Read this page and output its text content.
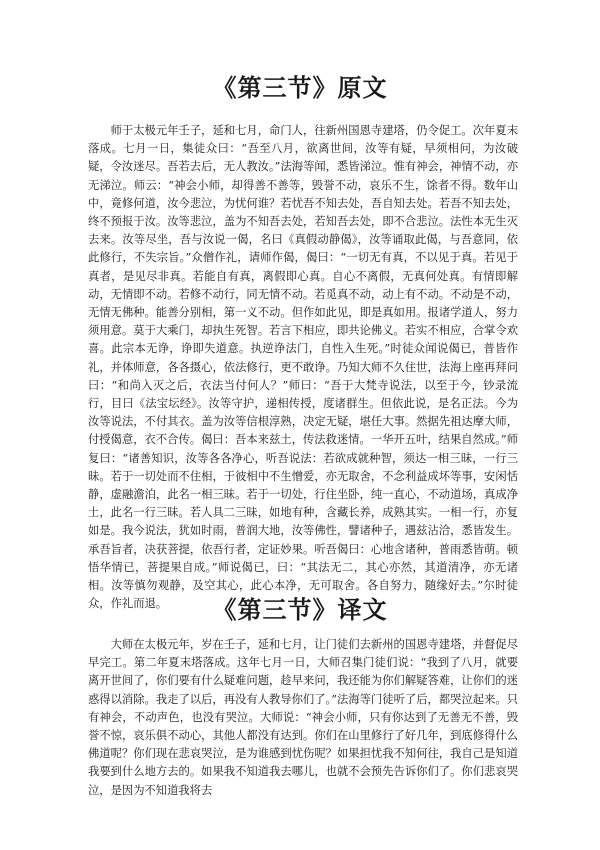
《第三节》原文

师于太极元年壬子，延和七月，命门人，往新州国恩寺建塔，仍令促工。次年夏末落成。七月一日，集徒众曰：“吾至八月，欲离世间，汝等有疑，早须相问，为汝破疑，令汝迷尽。吾若去后，无人教汝。”法海等闻，悉皆涕泣。惟有神会，神情不动，亦无涕泣。师云：“神会小师，却得善不善等，毁誉不动，哀乐不生，馀者不得。数年山中，竟修何道，汝今悲泣，为忧何谁？若忧吾不知去处，吾自知去处。若吾不知去处，终不预报于汝。汝等悲泣，盖为不知吾去处，若知吾去处，即不合悲泣。法性本无生灭去来。汝等尽坐，吾与汝说一偈，名曰《真假动静偈》，汝等诵取此偈，与吾意同，依此修行，不失宗旨。”众僧作礼，请师作偈，偈曰：“一切无有真，不以见于真。若见于真者，是见尽非真。若能自有真，离假即心真。自心不离假，无真何处真。有情即解动，无情即不动。若修不动行，同无情不动。若觅真不动，动上有不动。不动是不动，无情无佛种。能善分别相，第一义不动。但作如此见，即是真如用。报诸学道人，努力须用意。莫于大乘门，却执生死智。若言下相应，即共论佛义。若实不相应，合掌令欢喜。此宗本无诤，诤即失道意。执逆诤法门，自性入生死。”时徒众闻说偈已，普皆作礼，并体师意，各各摄心，依法修行，更不敢诤。乃知大师不久住世，法海上座再拜问曰：“和尚入灭之后，衣法当付何人？”师曰：“吾于大梵寺说法，以至于今，钞录流行，目曰《法宝坛经》。汝等守护，递相传授，度诸群生。但依此说，是名正法。今为汝等说法，不付其衣。盖为汝等信根淳熟，决定无疑，堪任大事。然据先祖达摩大师，付授偈意，衣不合传。偈曰：吾本来兹土，传法救迷情。一华开五叶，结果自然成。”师复曰：“诸善知识，汝等各各净心，听吾说法：若欲成就种智，须达一相三昧，一行三昧。若于一切处而不住相，于彼相中不生憎爱，亦无取舍，不念利益成坏等事，安闲恬静，虚融澹泊，此名一相三昧。若于一切处，行住坐卧，纯一直心，不动道场，真成净土，此名一行三昧。若人具二三昧，如地有种，含藏长养，成熟其实。一相一行，亦复如是。我今说法，犹如时雨，普润大地，汝等佛性，譬诸种子，遇兹沾洽，悉皆发生。承吾旨者，决获菩提，依吾行者，定证妙果。听吾偈曰：心地含诸种，普雨悉皆萌。顿悟华情已，菩提果自成。”师说偈已，曰：“其法无二，其心亦然，其道清净，亦无诸相。汝等慎勿观静，及空其心，此心本净，无可取舍。各自努力，随缘好去。”尔时徒众，作礼而退。	《第三节》译文

大师在太极元年，岁在壬子，延和七月，让门徒们去新州的国恩寺建塔，并督促尽早完工。第二年夏末塔落成。这年七月一日，大师召集门徒们说：“我到了八月，就要离开世间了，你们要有什么疑难问题，趁早来问，我还能为你们解疑答难，让你们的迷惑得以消除。我走了以后，再没有人教导你们了。”法海等门徒听了后，都哭泣起来。只有神会，不动声色，也没有哭泣。大师说：“神会小师，只有你达到了无善无不善，毁誉不惊，哀乐俱不动心，其他人都没有达到。你们在山里修行了好几年，到底修得什么佛道呢？你们现在悲哀哭泣，是为谁感到忧伤呢？如果担忧我不知何往，我自己是知道我要到什么地方去的。如果我不知道我去哪儿，也就不会预先告诉你们了。你们悲哀哭泣，是因为不知道我将去
